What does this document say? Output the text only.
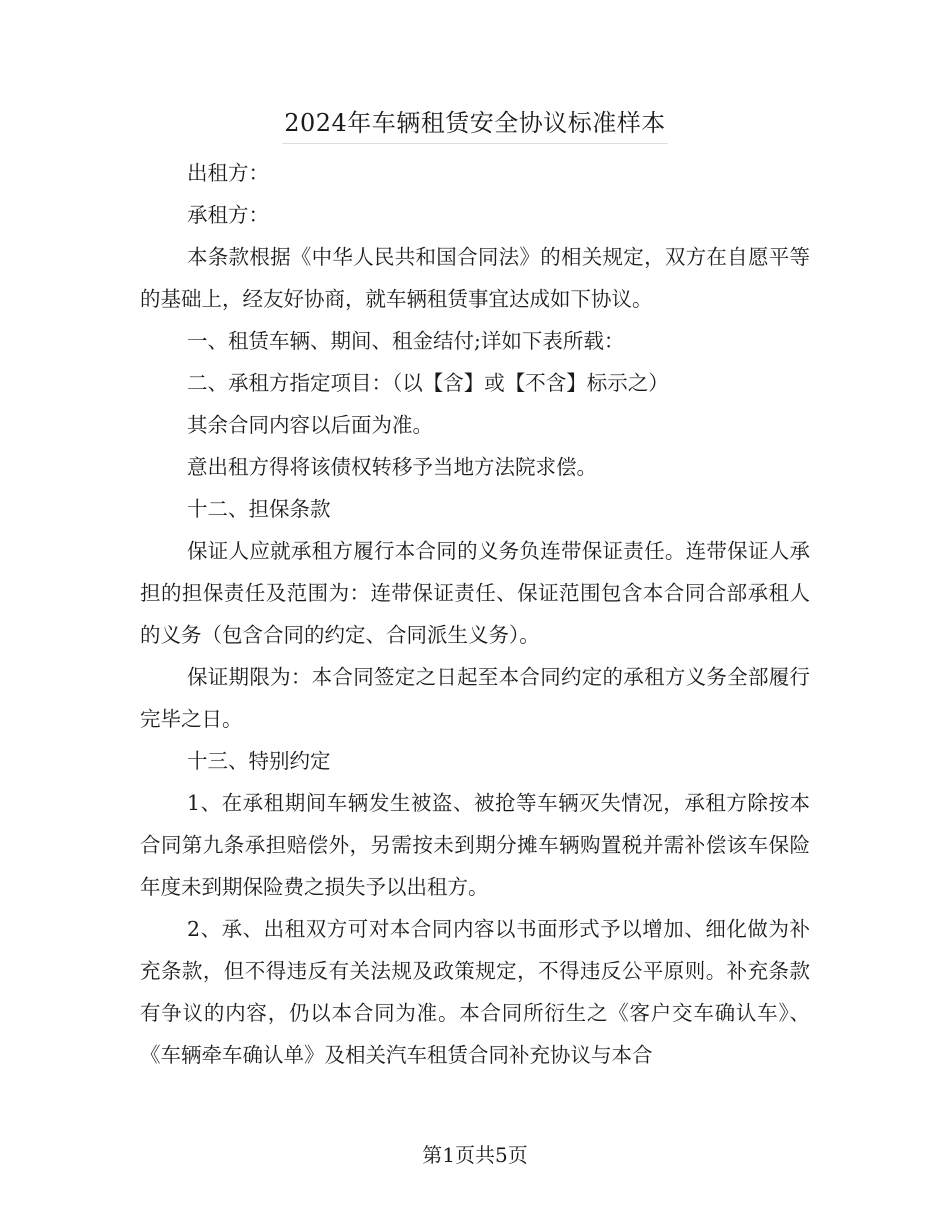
2024年车辆租赁安全协议标准样本

出租方：

承租方：

本条款根据《中华人民共和国合同法》的相关规定，双方在自愿平等的基础上，经友好协商，就车辆租赁事宜达成如下协议。

一、租赁车辆、期间、租金结付;详如下表所载：

二、承租方指定项目：（以【含】或【不含】标示之）

其余合同内容以后面为准。

意出租方得将该债权转移予当地方法院求偿。

十二、担保条款

保证人应就承租方履行本合同的义务负连带保证责任。连带保证人承担的担保责任及范围为：连带保证责任、保证范围包含本合同合部承租人的义务（包含合同的约定、合同派生义务）。

保证期限为：本合同签定之日起至本合同约定的承租方义务全部履行完毕之日。

十三、特别约定

1、在承租期间车辆发生被盗、被抢等车辆灭失情况，承租方除按本合同第九条承担赔偿外，另需按未到期分摊车辆购置税并需补偿该车保险年度未到期保险费之损失予以出租方。

2、承、出租双方可对本合同内容以书面形式予以增加、细化做为补充条款，但不得违反有关法规及政策规定，不得违反公平原则。补充条款有争议的内容，仍以本合同为准。本合同所衍生之《客户交车确认车》、《车辆牵车确认单》及相关汽车租赁合同补充协议与本合

第1页共5页
